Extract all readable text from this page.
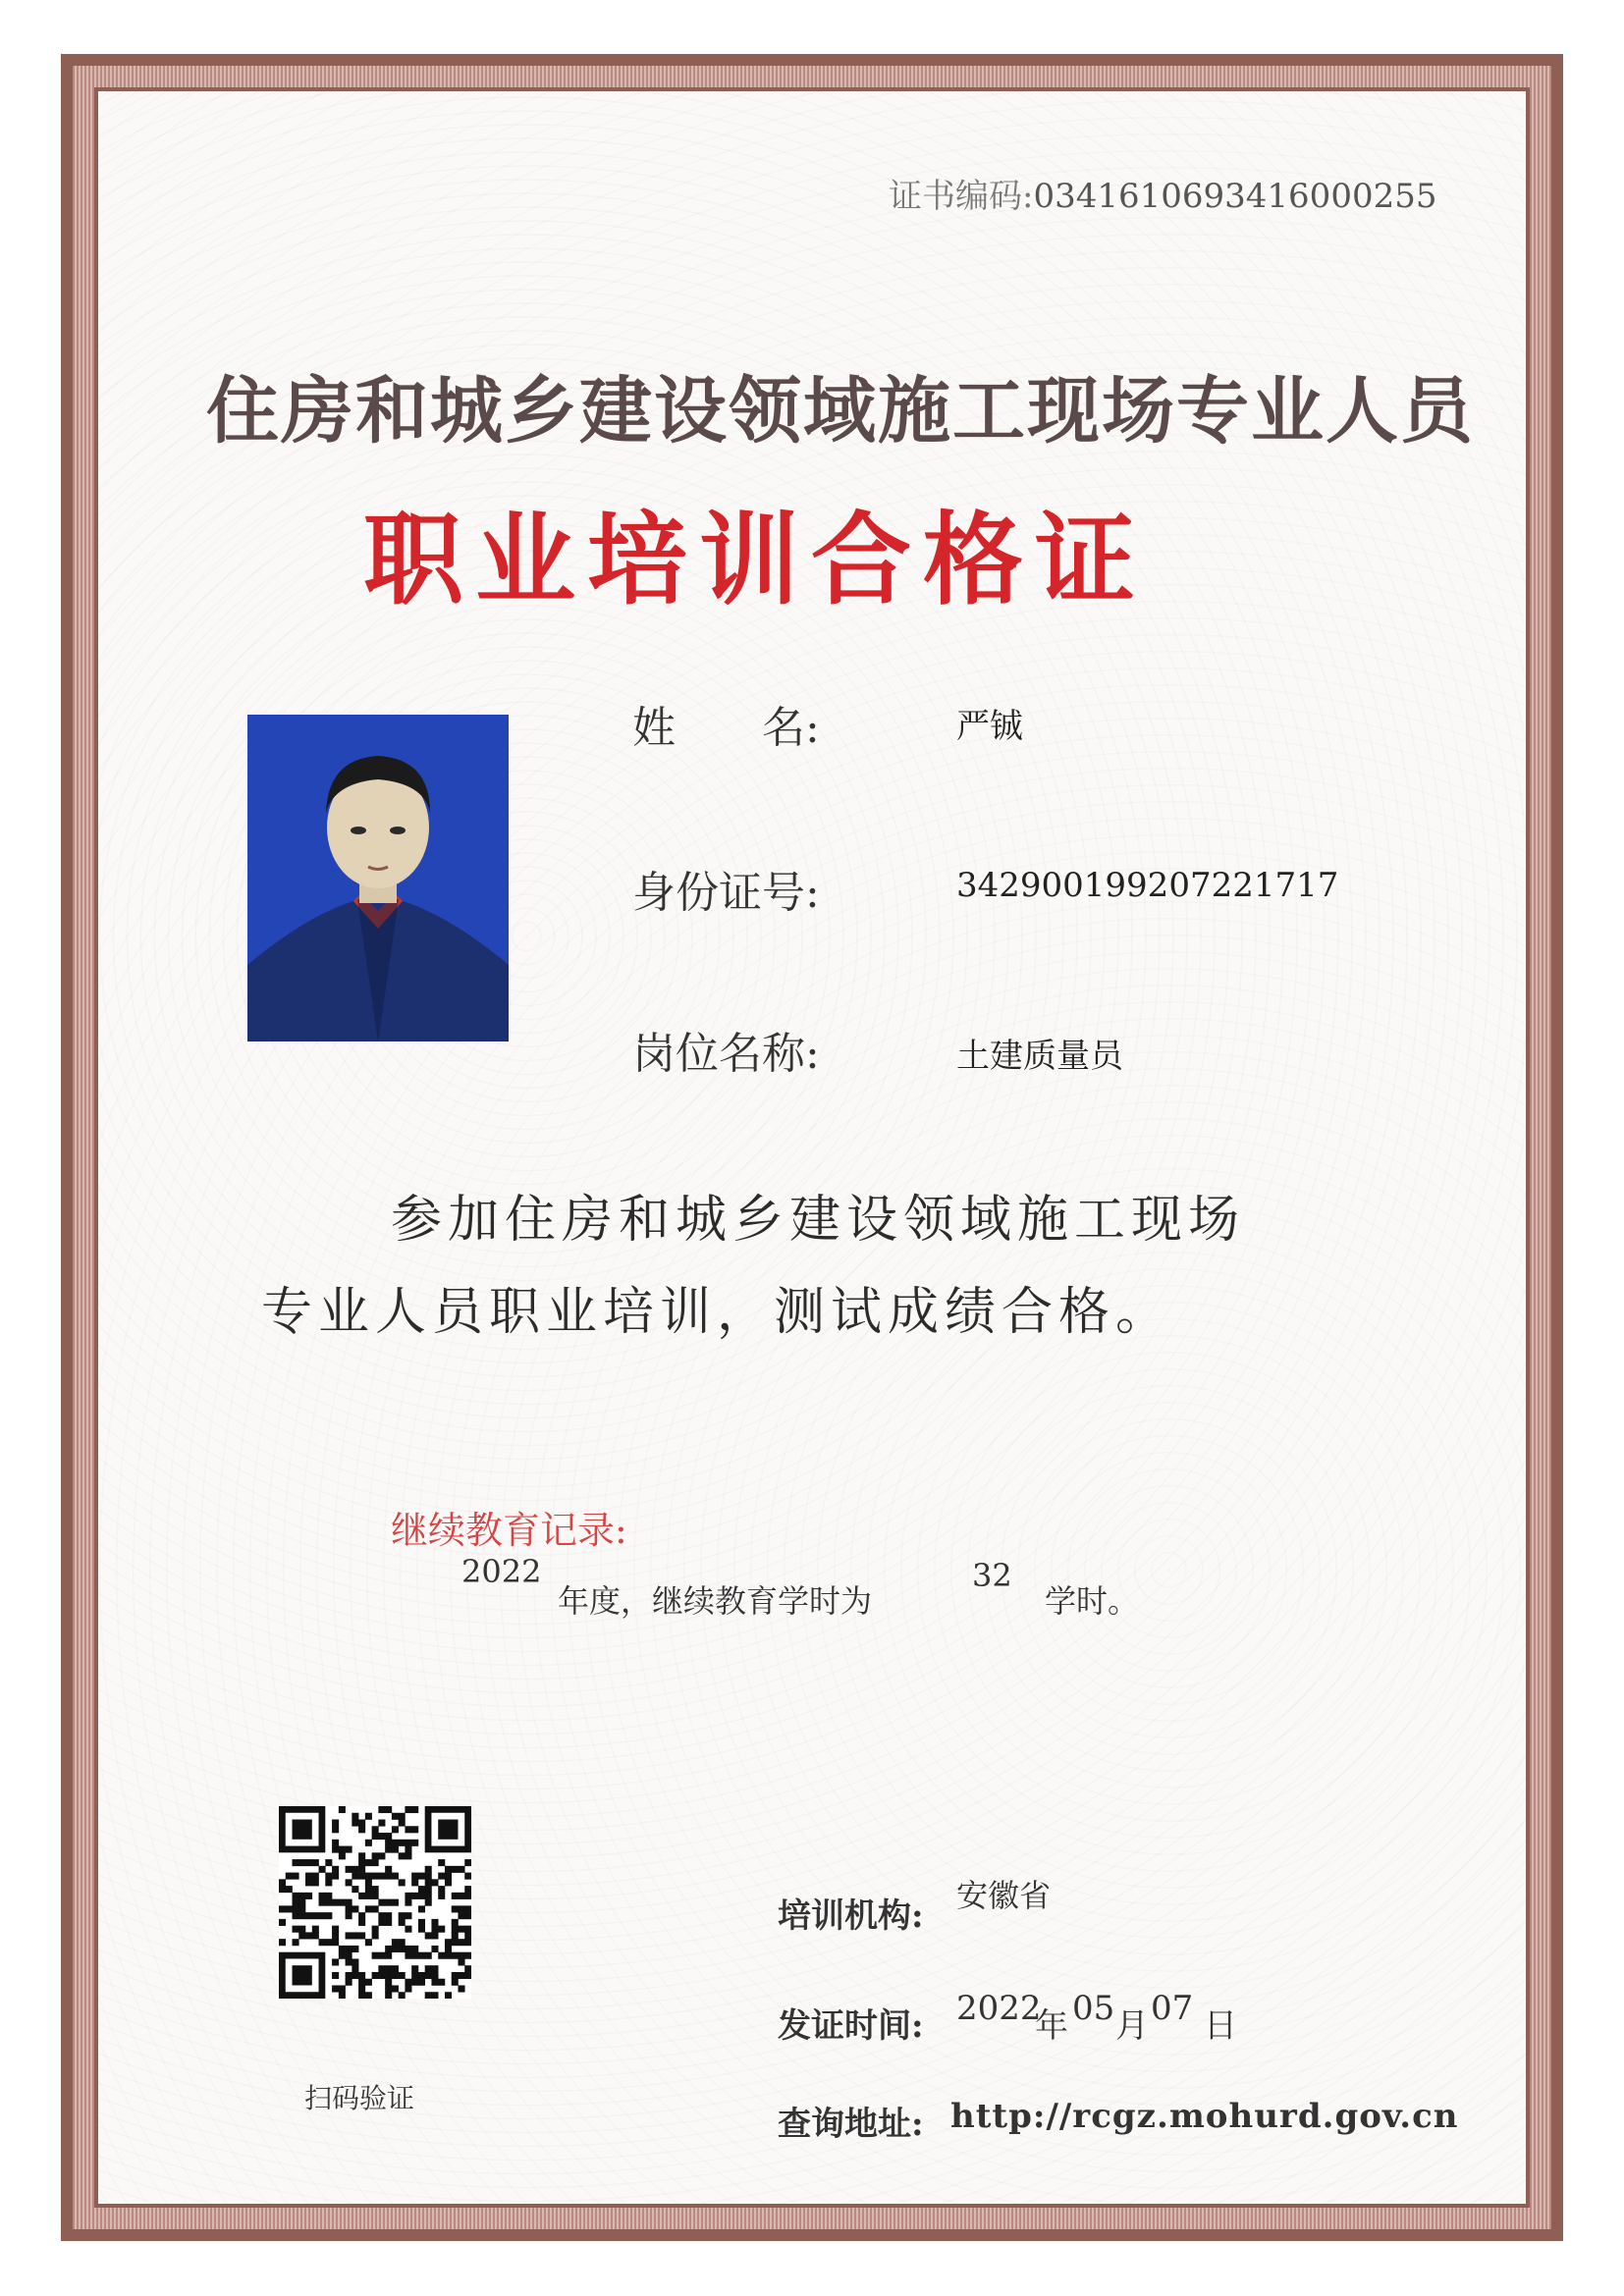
证书编码:03416106934160002​55
住房和城乡建设领域施工现场专业人员
职业培训合格证
姓　　名:	严铖
身份证号:	342900199207221717
岗位名称:	土建质量员
参加住房和城乡建设领域施工现场
专业人员职业培训，测试成绩合格。
继续教育记录:
2022
年度，继续教育学时为
32
学时。
扫码验证
培训机构:
安徽省
发证时间: 2022
年 05 月 07 日
查询地址: http://rcgz.mohurd.gov.cn
